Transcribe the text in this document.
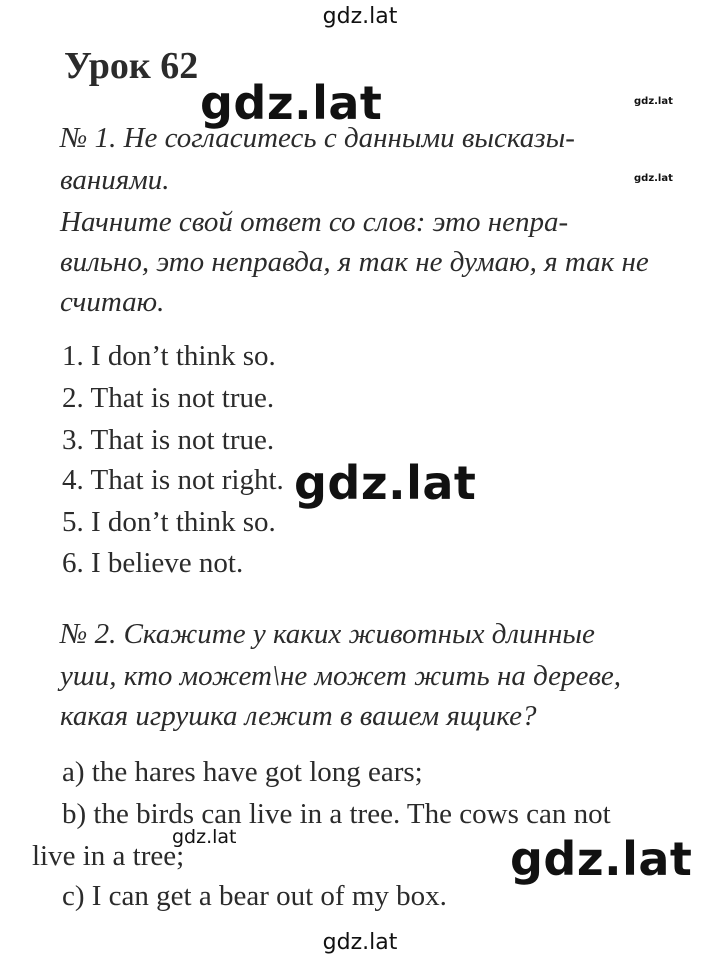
gdz.lat
Урок 62
gdz.lat	gdz.lat
№ 1. Не согласитесь с данными высказы-
ваниями.	gdz.lat
Начните свой ответ со слов: это непра-
вильно, это неправда, я так не думаю, я так не
считаю.
1. I don’t think so.
2. That is not true.
3. That is not true.
4. That is not right.
5. I don’t think so.
6. I believe not.
gdz.lat
№ 2. Скажите у каких животных длинные
уши, кто может\не может жить на дереве,
какая игрушка лежит в вашем ящике?
a) the hares have got long ears;
b) the birds can live in a tree. The cows can not
live in a tree;
c) I can get a bear out of my box.
gdz.lat	gdz.lat
gdz.lat
